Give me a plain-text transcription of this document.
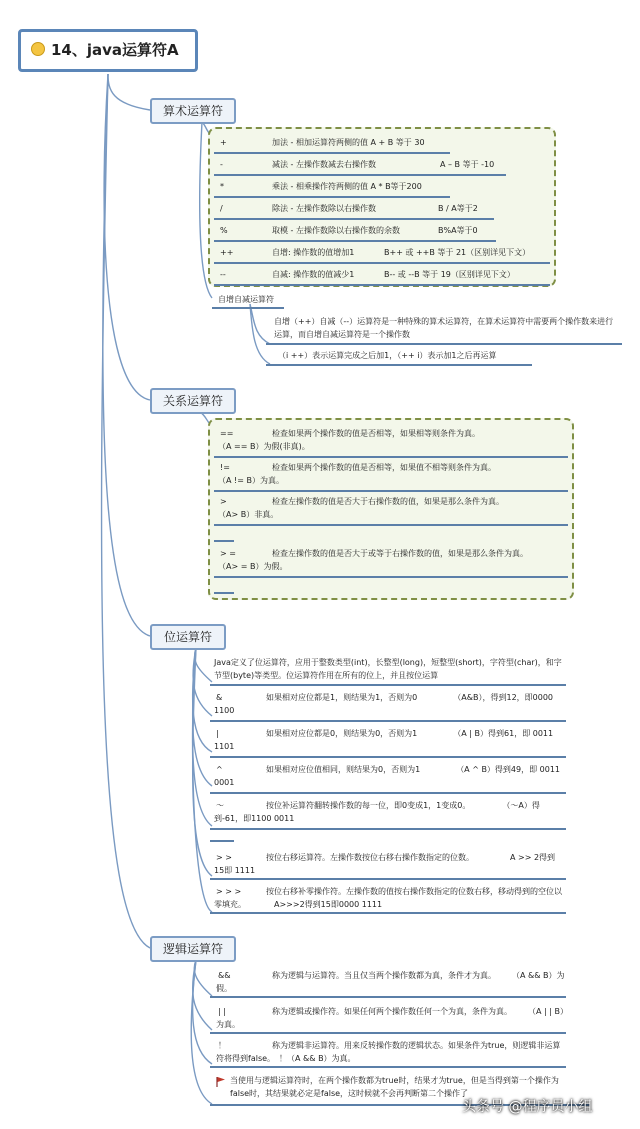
14、java运算符A
算术运算符
+	加法 - 相加运算符两侧的值 A + B 等于 30
-	减法 - 左操作数减去右操作数	A – B 等于 -10
*	乘法 - 相乘操作符两侧的值 A * B等于200
/	除法 - 左操作数除以右操作数	B / A等于2
%	取模 - 左操作数除以右操作数的余数	B%A等于0
++	自增: 操作数的值增加1	B++ 或 ++B 等于 21（区别详见下文）
--	自减: 操作数的值减少1	B-- 或 --B 等于 19（区别详见下文）
自增自减运算符
自增（++）自减（--）运算符是一种特殊的算术运算符，在算术运算符中需要两个操作数来进行运算，而自增自减运算符是一个操作数
（i ++）表示运算完成之后加1，（++ i）表示加1之后再运算
关系运算符
==	检查如果两个操作数的值是否相等，如果相等则条件为真。
（A == B）为假(非真)。
!=	检查如果两个操作数的值是否相等，如果值不相等则条件为真。
（A != B）为真。
>	检查左操作数的值是否大于右操作数的值，如果是那么条件为真。
（A> B）非真。
> =	检查左操作数的值是否大于或等于右操作数的值，如果是那么条件为真。
（A> = B）为假。
位运算符
Java定义了位运算符，应用于整数类型(int)，长整型(long)，短整型(short)，字符型(char)，和字节型(byte)等类型。位运算符作用在所有的位上，并且按位运算
&	如果相对应位都是1，则结果为1，否则为0　　　　　	（A&B），得到12，即0000 1100
|	如果相对应位都是0，则结果为0，否则为1　　　　　	（A | B）得到61，即 0011 1101
^	如果相对应位值相同，则结果为0，否则为1　　　　　	（A ^ B）得到49，即 0011 0001
〜	按位补运算符翻转操作数的每一位，即0变成1，1变成0。　　　　　	（〜A）得到-61，即1100 0011
> >	按位右移运算符。左操作数按位右移右操作数指定的位数。　　　　　	A >> 2得到15即 1111
> > >	按位右移补零操作符。左操作数的值按右操作数指定的位数右移，移动得到的空位以零填充。　　　　	A>>>2得到15即0000 1111
逻辑运算符
&&	称为逻辑与运算符。当且仅当两个操作数都为真，条件才为真。　　　	（A && B）为假。
| |	称为逻辑或操作符。如果任何两个操作数任何一个为真，条件为真。　　　	（A | | B）为真。
！	称为逻辑非运算符。用来反转操作数的逻辑状态。如果条件为true，则逻辑非运算符将得到false。　 ！（A && B）为真。
当使用与逻辑运算符时，在两个操作数都为true时，结果才为true，但是当得到第一个操作为false时，其结果就必定是false，这时候就不会再判断第二个操作了
头条号 @程序员小组
